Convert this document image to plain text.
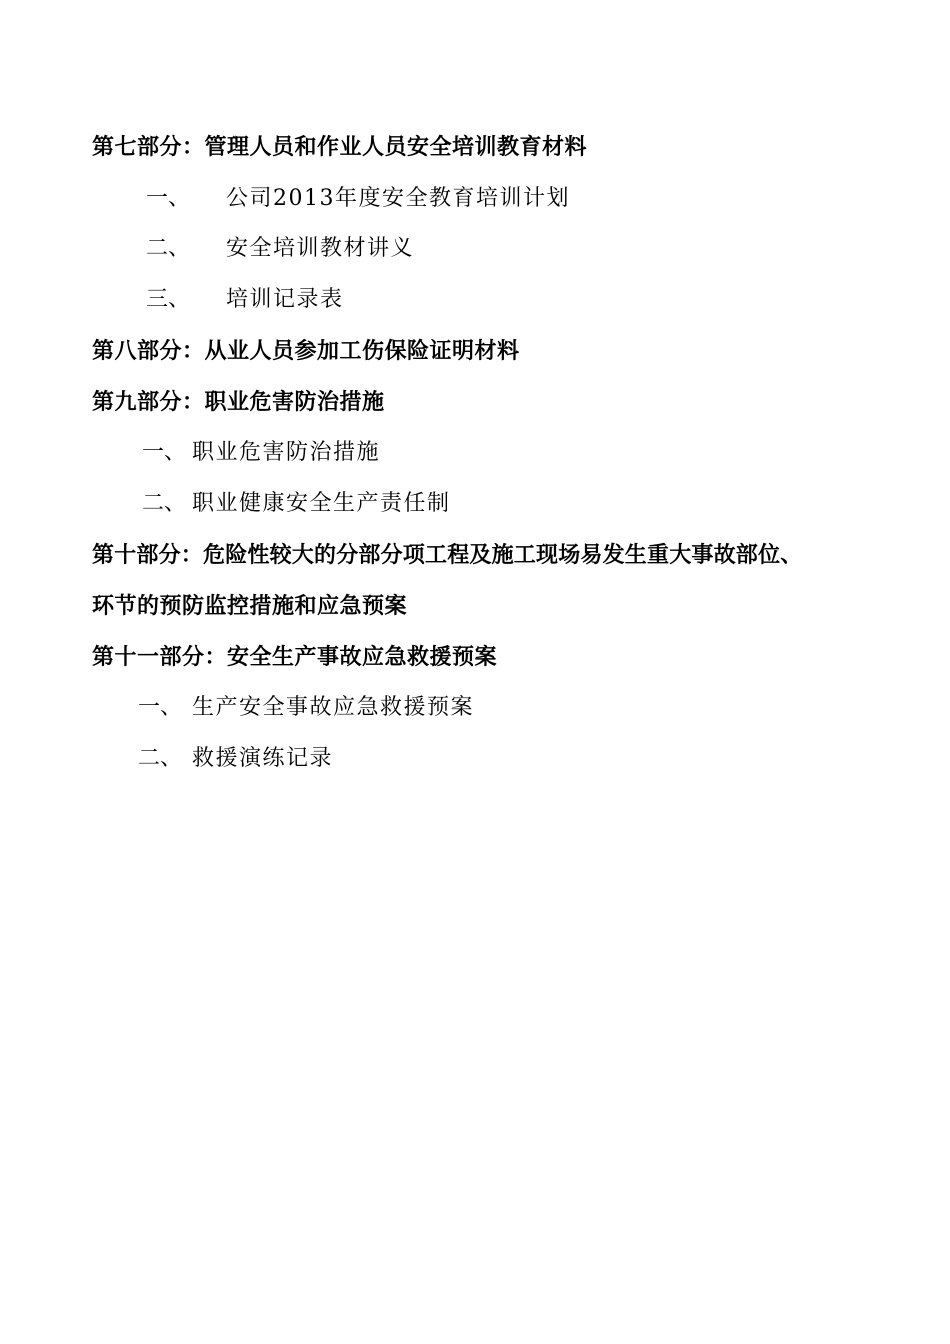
第七部分：管理人员和作业人员安全培训教育材料
一、 公司2013年度安全教育培训计划
二、 安全培训教材讲义
三、 培训记录表
第八部分：从业人员参加工伤保险证明材料
第九部分：职业危害防治措施
一、 职业危害防治措施
二、 职业健康安全生产责任制
第十部分：危险性较大的分部分项工程及施工现场易发生重大事故部位、
环节的预防监控措施和应急预案
第十一部分：安全生产事故应急救援预案
一、 生产安全事故应急救援预案
二、 救援演练记录
